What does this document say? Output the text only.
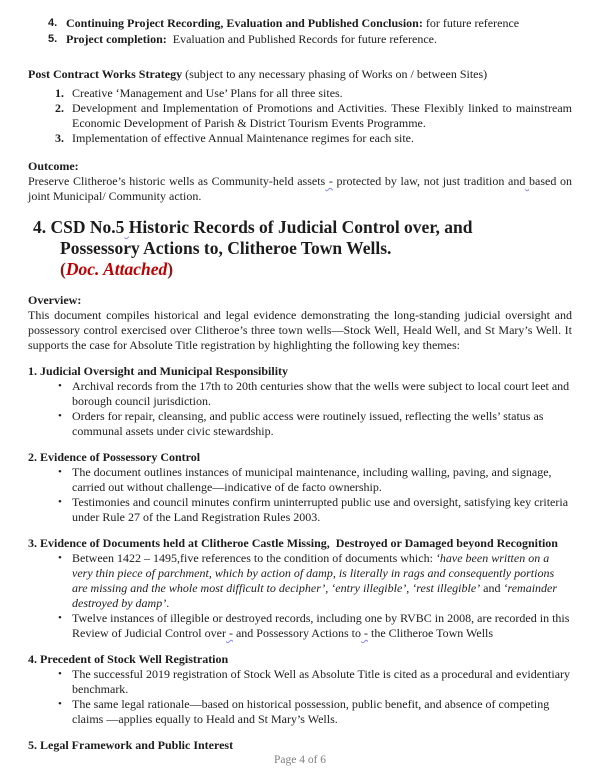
4. Continuing Project Recording, Evaluation and Published Conclusion: for future reference
5. Project completion:  Evaluation and Published Records for future reference.

Post Contract Works Strategy (subject to any necessary phasing of Works on / between Sites)

1. Creative ‘Management and Use’ Plans for all three sites.
2. Development and Implementation of Promotions and Activities. These Flexibly linked to mainstream Economic Development of Parish & District Tourism Events Programme.
3. Implementation of effective Annual Maintenance regimes for each site.

Outcome:

Preserve Clitheroe’s historic wells as Community-held assets - protected by law, not just tradition and based on joint Municipal/ Community action.

4. CSD No.5 Historic Records of Judicial Control over, and
Possessory Actions to, Clitheroe Town Wells.
(Doc. Attached)

Overview:

This document compiles historical and legal evidence demonstrating the long-standing judicial oversight and possessory control exercised over Clitheroe’s three town wells—Stock Well, Heald Well, and St Mary’s Well. It supports the case for Absolute Title registration by highlighting the following key themes:

1. Judicial Oversight and Municipal Responsibility

• Archival records from the 17th to 20th centuries show that the wells were subject to local court leet and borough council jurisdiction.
• Orders for repair, cleansing, and public access were routinely issued, reflecting the wells’ status as communal assets under civic stewardship.

2. Evidence of Possessory Control

• The document outlines instances of municipal maintenance, including walling, paving, and signage, carried out without challenge—indicative of de facto ownership.
• Testimonies and council minutes confirm uninterrupted public use and oversight, satisfying key criteria under Rule 27 of the Land Registration Rules 2003.

3. Evidence of Documents held at Clitheroe Castle Missing,  Destroyed or Damaged beyond Recognition

• Between 1422 – 1495,five references to the condition of documents which: ‘have been written on a very thin piece of parchment, which by action of damp, is literally in rags and consequently portions are missing and the whole most difficult to decipher’, ‘entry illegible’, ‘rest illegible’ and ‘remainder destroyed by damp’.
• Twelve instances of illegible or destroyed records, including one by RVBC in 2008, are recorded in this Review of Judicial Control over - and Possessory Actions to - the Clitheroe Town Wells

4. Precedent of Stock Well Registration

• The successful 2019 registration of Stock Well as Absolute Title is cited as a procedural and evidentiary benchmark.
• The same legal rationale—based on historical possession, public benefit, and absence of competing claims —applies equally to Heald and St Mary’s Wells.

5. Legal Framework and Public Interest

Page 4 of 6
